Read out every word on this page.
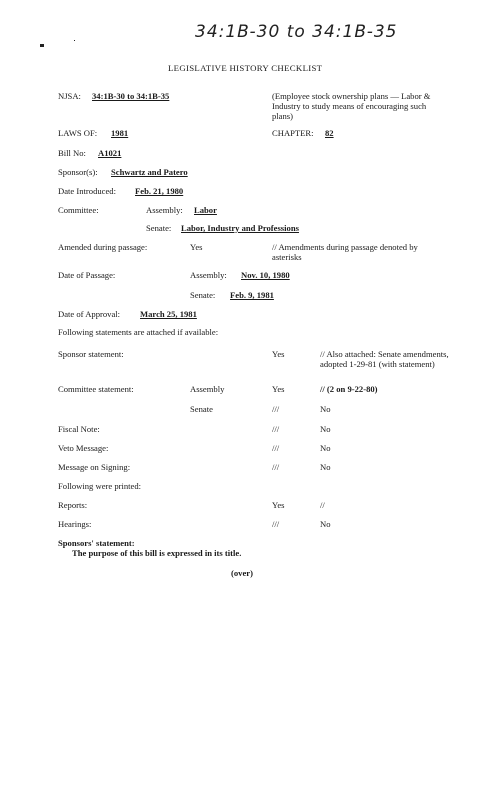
34:1B-30 to 34:1B-35
LEGISLATIVE HISTORY CHECKLIST
NJSA: 34:1B-30 to 34:1B-35	(Employee stock ownership plans — Labor & Industry to study means of encouraging such plans)
LAWS OF: 1981	CHAPTER: 82
Bill No: A1021
Sponsor(s): Schwartz and Patero
Date Introduced: Feb. 21, 1980
Committee:	Assembly: Labor
Senate: Labor, Industry and Professions
Amended during passage:	Yes	// Amendments during passage denoted by asterisks
Date of Passage:	Assembly: Nov. 10, 1980
Senate: Feb. 9, 1981
Date of Approval: March 25, 1981
Following statements are attached if available:
Sponsor statement:	Yes	// Also attached: Senate amendments, adopted 1-29-81 (with statement)
Committee statement:	Assembly	Yes	// (2 on 9-22-80)
Senate	///	No
Fiscal Note:	///	No
Veto Message:	///	No
Message on Signing:	///	No
Following were printed:
Reports:	Yes	//
Hearings:	///	No
Sponsors' statement:
The purpose of this bill is expressed in its title.
(over)
